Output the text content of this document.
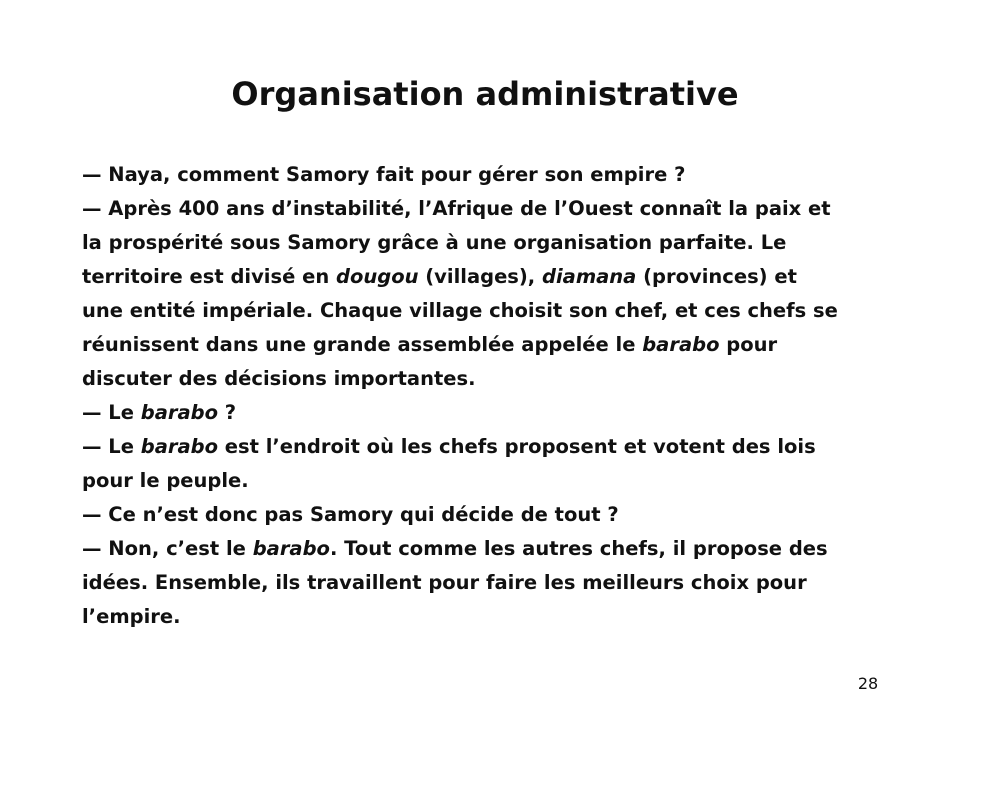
Organisation administrative
— Naya, comment Samory fait pour gérer son empire ?
— Après 400 ans d’instabilité, l’Afrique de l’Ouest connaît la paix et
la prospérité sous Samory grâce à une organisation parfaite. Le
territoire est divisé en dougou (villages), diamana (provinces) et
une entité impériale. Chaque village choisit son chef, et ces chefs se
réunissent dans une grande assemblée appelée le barabo pour
discuter des décisions importantes.
— Le barabo ?
— Le barabo est l’endroit où les chefs proposent et votent des lois
pour le peuple.
— Ce n’est donc pas Samory qui décide de tout ?
— Non, c’est le barabo. Tout comme les autres chefs, il propose des
idées. Ensemble, ils travaillent pour faire les meilleurs choix pour
l’empire.
28
